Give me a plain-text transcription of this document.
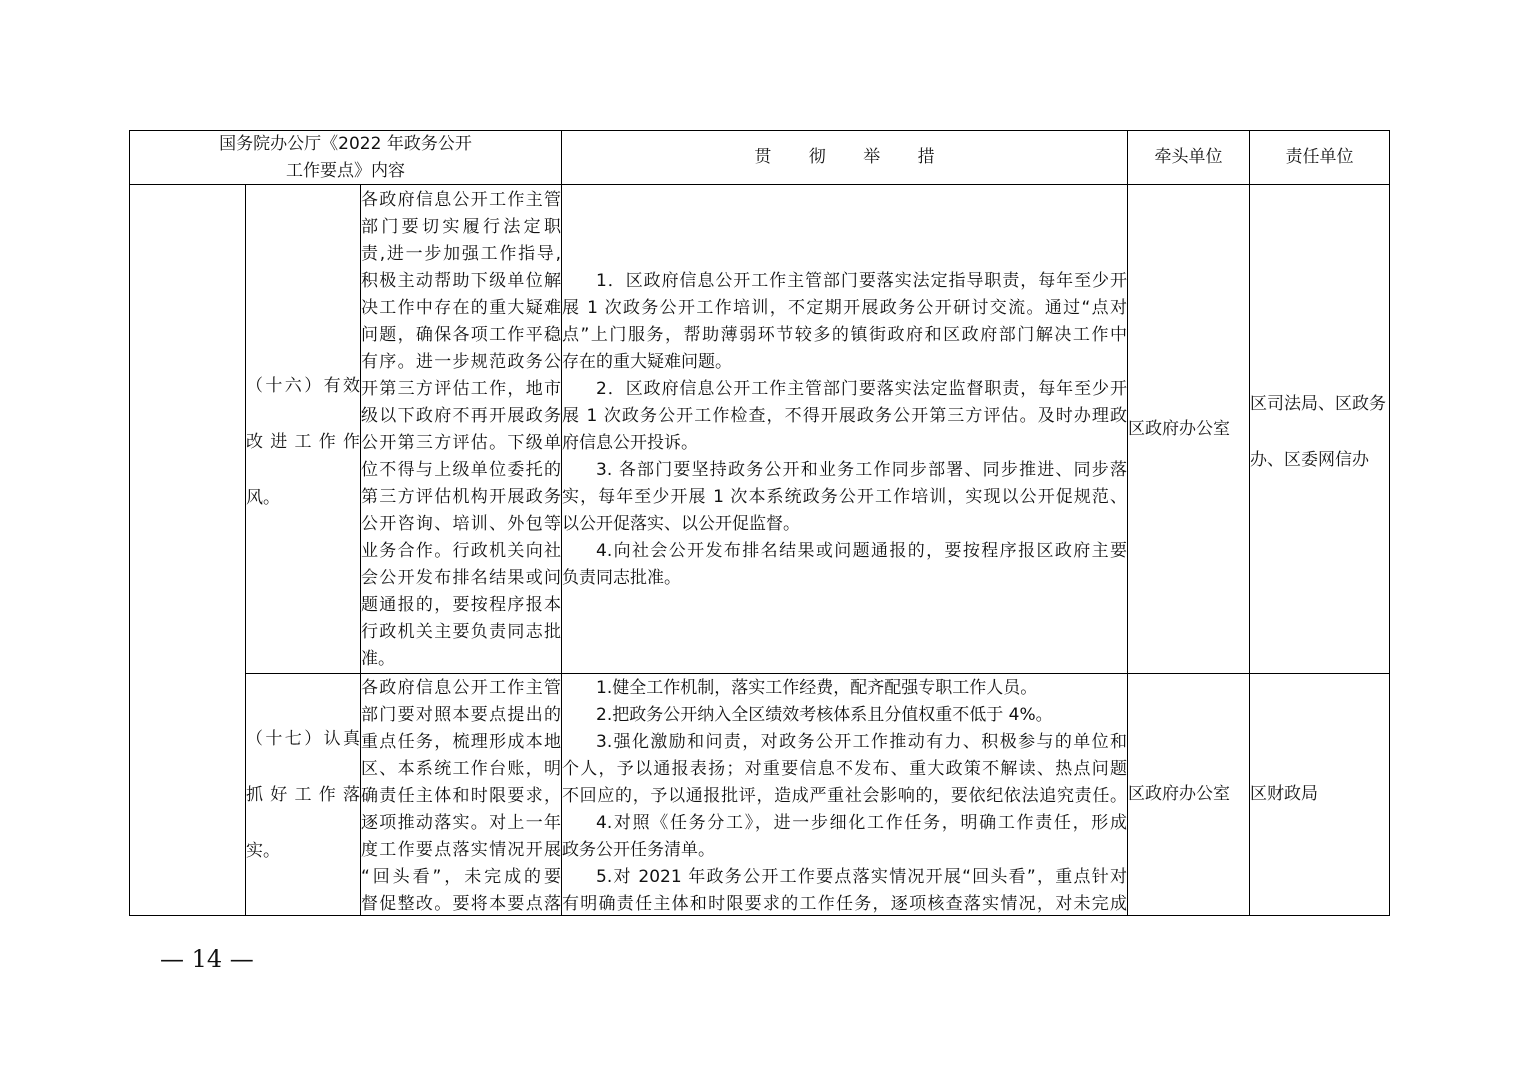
国务院办公厅《2022 年政务公开
工作要点》内容
贯彻举措	牵头单位	责任单位
（十六）有效
改进工作作
风。
各政府信息公开工作主管
部门要切实履行法定职
责,进一步加强工作指导,
积极主动帮助下级单位解
决工作中存在的重大疑难
问题，确保各项工作平稳
有序。进一步规范政务公
开第三方评估工作，地市
级以下政府不再开展政务
公开第三方评估。下级单
位不得与上级单位委托的
第三方评估机构开展政务
公开咨询、培训、外包等
业务合作。行政机关向社
会公开发布排名结果或问
题通报的，要按程序报本
行政机关主要负责同志批
准。
1．区政府信息公开工作主管部门要落实法定指导职责，每年至少开
展 1 次政务公开工作培训，不定期开展政务公开研讨交流。通过“点对
点”上门服务，帮助薄弱环节较多的镇街政府和区政府部门解决工作中
存在的重大疑难问题。
2．区政府信息公开工作主管部门要落实法定监督职责，每年至少开
展 1 次政务公开工作检查，不得开展政务公开第三方评估。及时办理政
府信息公开投诉。
3. 各部门要坚持政务公开和业务工作同步部署、同步推进、同步落
实，每年至少开展 1 次本系统政务公开工作培训，实现以公开促规范、
以公开促落实、以公开促监督。
4.向社会公开发布排名结果或问题通报的，要按程序报区政府主要
负责同志批准。
区政府办公室
区司法局、区政务
办、区委网信办
（十七）认真
抓好工作落
实。
各政府信息公开工作主管
部门要对照本要点提出的
重点任务，梳理形成本地
区、本系统工作台账，明
确责任主体和时限要求，
逐项推动落实。对上一年
度工作要点落实情况开展
“回头看”，未完成的要
督促整改。要将本要点落
1.健全工作机制，落实工作经费，配齐配强专职工作人员。
2.把政务公开纳入全区绩效考核体系且分值权重不低于 4%。
3.强化激励和问责，对政务公开工作推动有力、积极参与的单位和
个人，予以通报表扬；对重要信息不发布、重大政策不解读、热点问题
不回应的，予以通报批评，造成严重社会影响的，要依纪依法追究责任。
4.对照《任务分工》，进一步细化工作任务，明确工作责任，形成
政务公开任务清单。
5.对 2021 年政务公开工作要点落实情况开展“回头看”，重点针对
有明确责任主体和时限要求的工作任务，逐项核查落实情况，对未完成
区政府办公室 区财政局
— 14 —
